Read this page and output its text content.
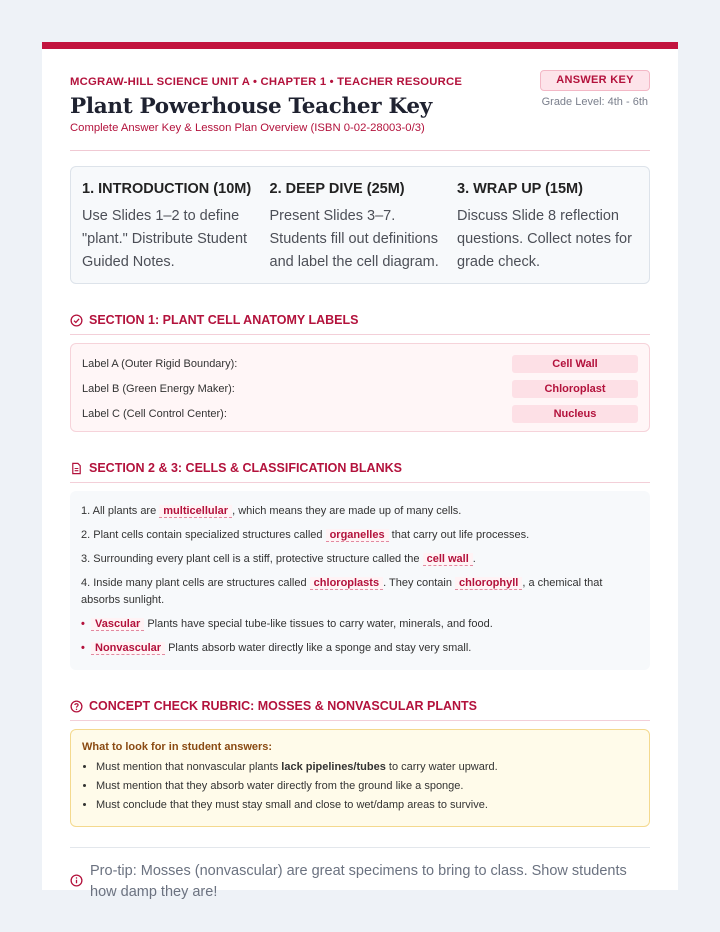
MCGRAW-HILL SCIENCE UNIT A • CHAPTER 1 • TEACHER RESOURCE
Plant Powerhouse Teacher Key
Complete Answer Key & Lesson Plan Overview (ISBN 0-02-28003-0/3)
ANSWER KEY
Grade Level: 4th - 6th
1. INTRODUCTION (10M)

Use Slides 1–2 to define "plant." Distribute Student Guided Notes.

2. DEEP DIVE (25M)

Present Slides 3–7. Students fill out definitions and label the cell diagram.

3. WRAP UP (15M)

Discuss Slide 8 reflection questions. Collect notes for grade check.

SECTION 1: PLANT CELL ANATOMY LABELS
Label A (Outer Rigid Boundary):	Cell Wall
Label B (Green Energy Maker):	Chloroplast
Label C (Cell Control Center):	Nucleus
SECTION 2 & 3: CELLS & CLASSIFICATION BLANKS
1. All plants are multicellular , which means they are made up of many cells.
2. Plant cells contain specialized structures called organelles that carry out life processes.
3. Surrounding every plant cell is a stiff, protective structure called the cell wall .
4. Inside many plant cells are structures called chloroplasts . They contain chlorophyll , a chemical that absorbs sunlight.
• Vascular Plants have special tube-like tissues to carry water, minerals, and food.
• Nonvascular Plants absorb water directly like a sponge and stay very small.
CONCEPT CHECK RUBRIC: MOSSES & NONVASCULAR PLANTS
What to look for in student answers:
• Must mention that nonvascular plants lack pipelines/tubes to carry water upward.
• Must mention that they absorb water directly from the ground like a sponge.
• Must conclude that they must stay small and close to wet/damp areas to survive.

Pro-tip: Mosses (nonvascular) are great specimens to bring to class. Show students how damp they are!
